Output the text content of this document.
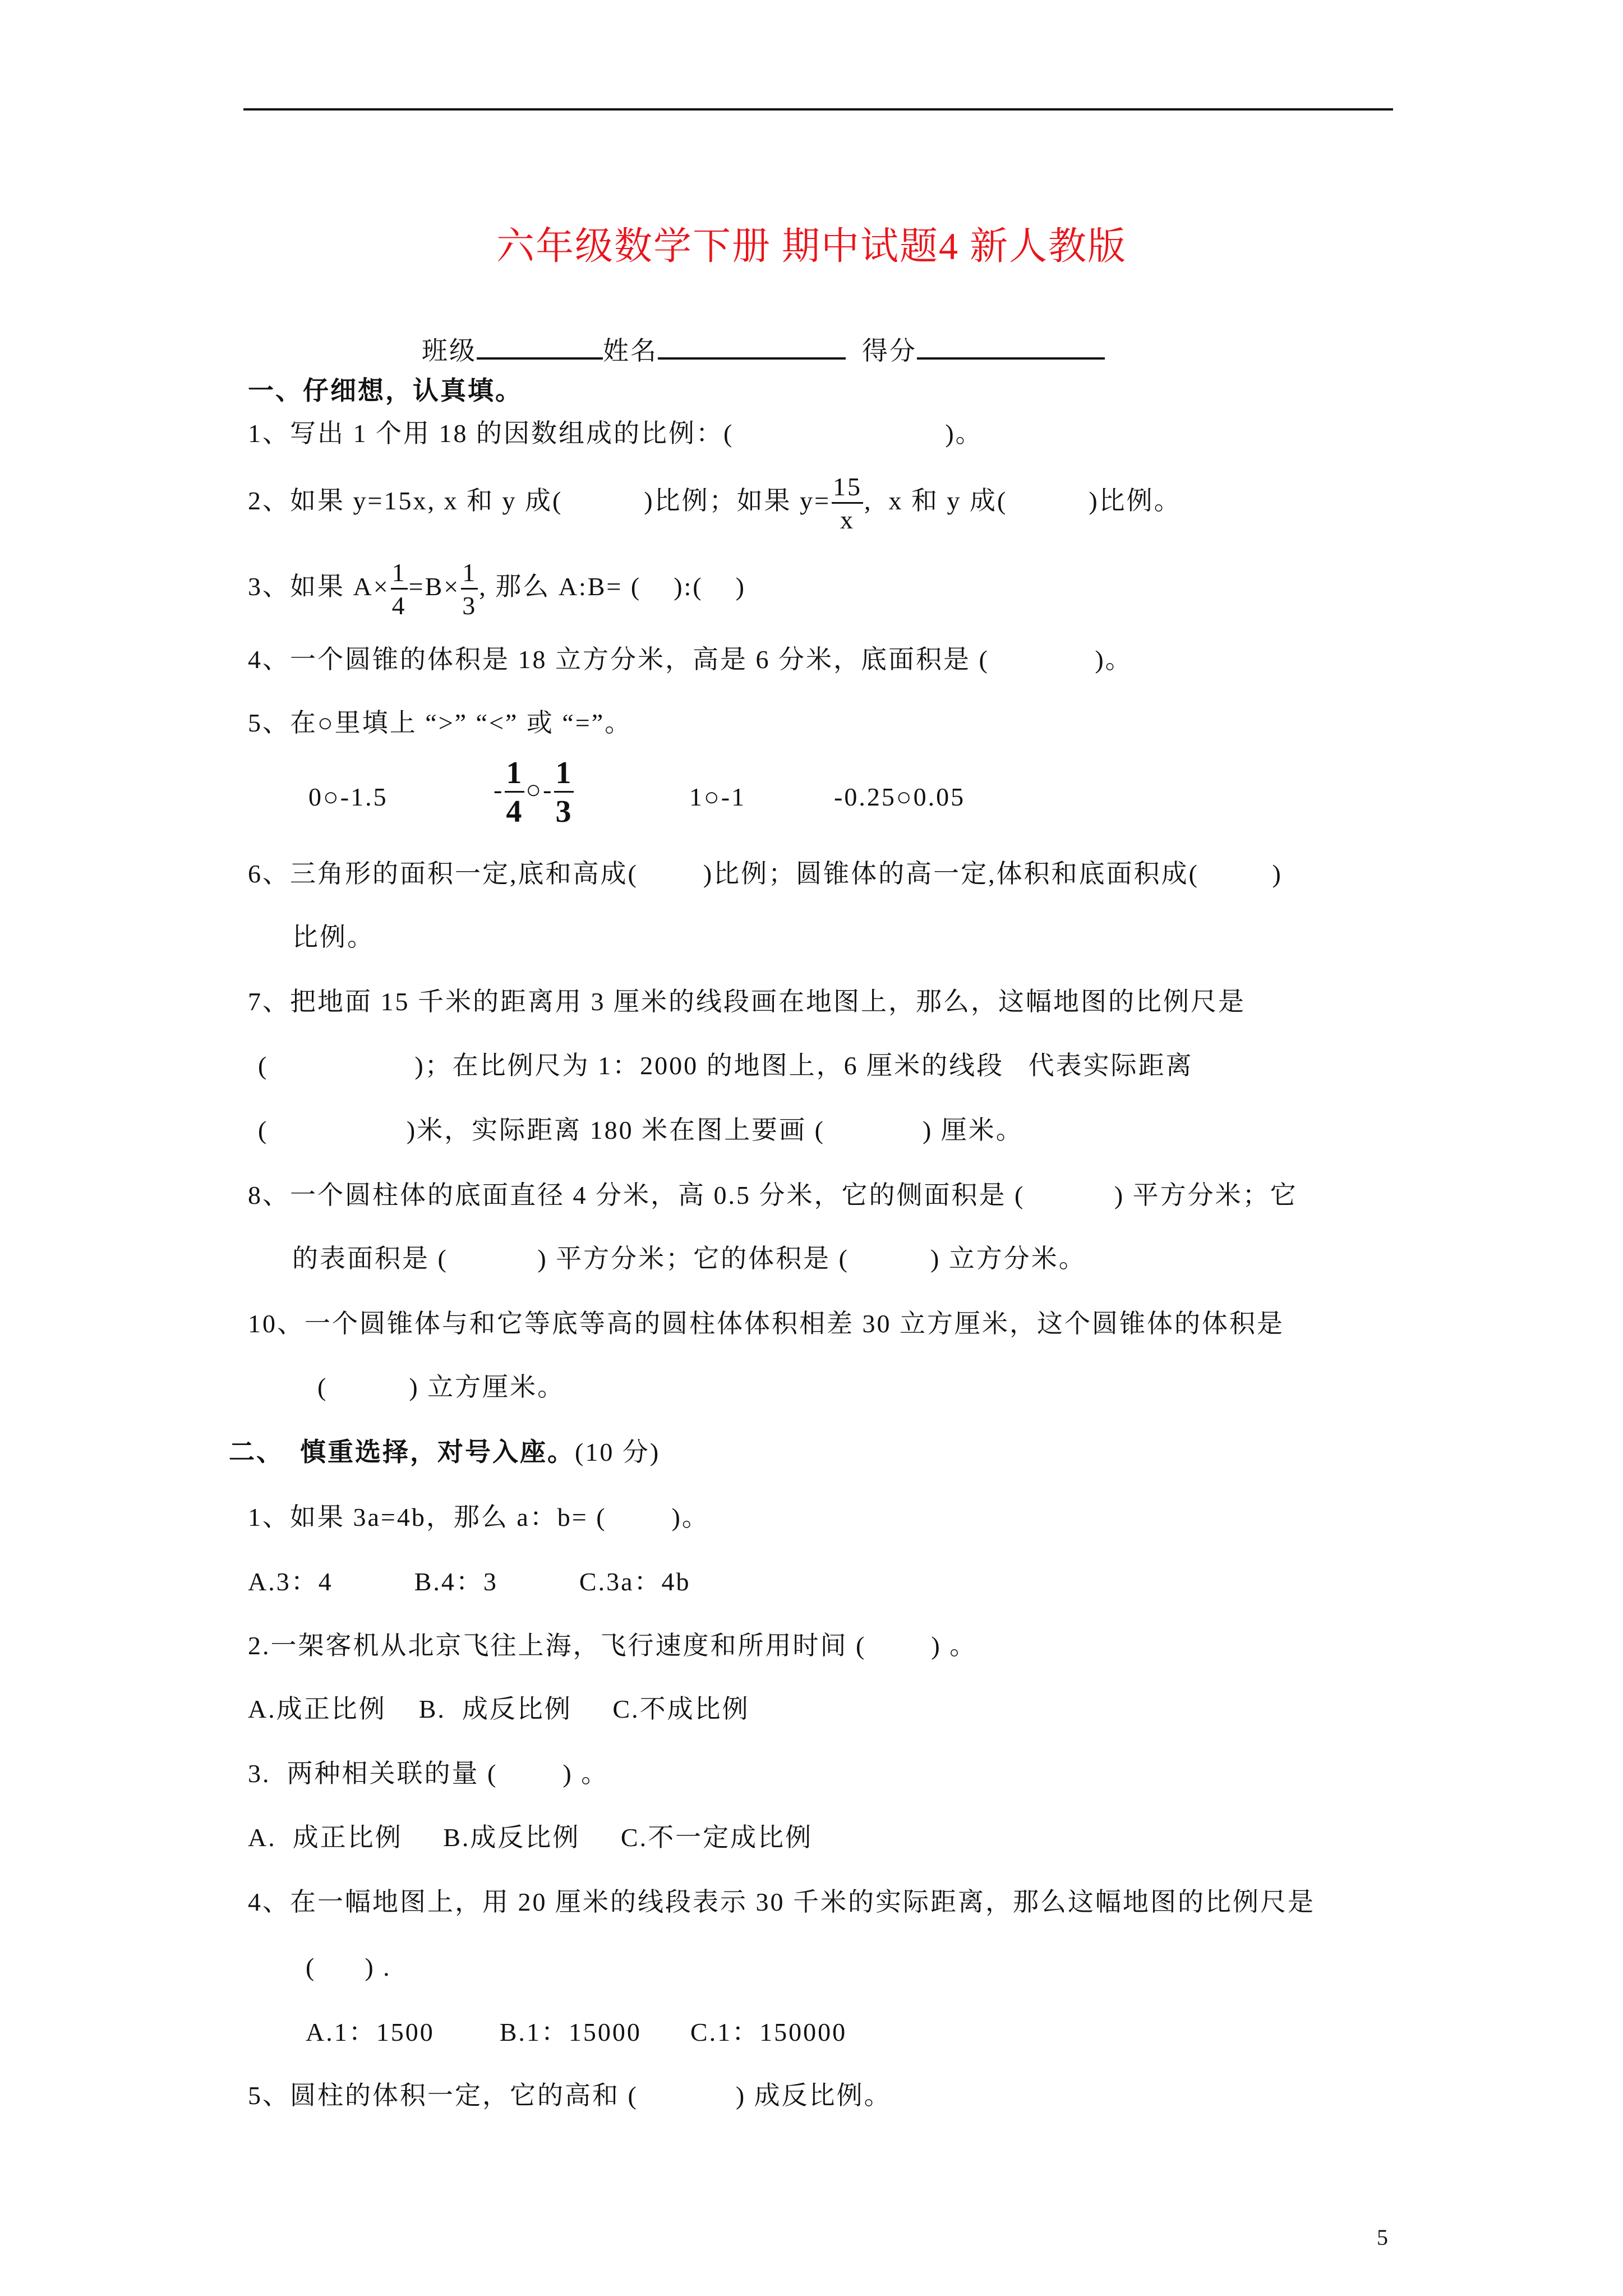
六年级数学下册 期中试题4 新人教版
班级	姓名	得分
一、仔细想，认真填。
1、写出 1 个用 18 的因数组成的比例：(                          )。
2、如果 y=15x, x 和 y 成(          )比例；如果 $y= \frac{15}{x}$ ,  x 和 y 成(          )比例。
3、如果 $A\times \frac{1}{4} =B\times \frac{1}{3}$ , 那么 A:B= (    ):(    )
4、一个圆锥的体积是 18 立方分米，高是 6 分米，底面积是 (             )。
5、在○里填上 “>” “<” 或 “=”。
0○-1.5	- $\frac{1}{4}$ ○- $\frac{1}{3}$	1○-1	-0.25○0.05
6、三角形的面积一定,底和高成(        )比例；圆锥体的高一定,体积和底面积成(         )
比例。
7、把地面 15 千米的距离用 3 厘米的线段画在地图上，那么，这幅地图的比例尺是
(                  )；在比例尺为 1：2000 的地图上，6 厘米的线段   代表实际距离
(                 )米，实际距离 180 米在图上要画 (            ) 厘米。
8、一个圆柱体的底面直径 4 分米，高 0.5 分米，它的侧面积是 (           ) 平方分米；它
的表面积是 (           ) 平方分米；它的体积是 (          ) 立方分米。
10、一个圆锥体与和它等底等高的圆柱体体积相差 30 立方厘米，这个圆锥体的体积是
(          ) 立方厘米。
二、  慎重选择，对号入座。(10 分)
1、如果 3a=4b，那么 a：b= (        )。
A.3：4          B.4：3          C.3a：4b
2.一架客机从北京飞往上海，飞行速度和所用时间 (        ) 。
A.成正比例    B.  成反比例     C.不成比例
3.  两种相关联的量 (        ) 。
A.  成正比例     B.成反比例     C.不一定成比例
4、在一幅地图上，用 20 厘米的线段表示 30 千米的实际距离，那么这幅地图的比例尺是
(      ) .
A.1：1500        B.1：15000      C.1：150000
5、圆柱的体积一定，它的高和 (            ) 成反比例。
5
